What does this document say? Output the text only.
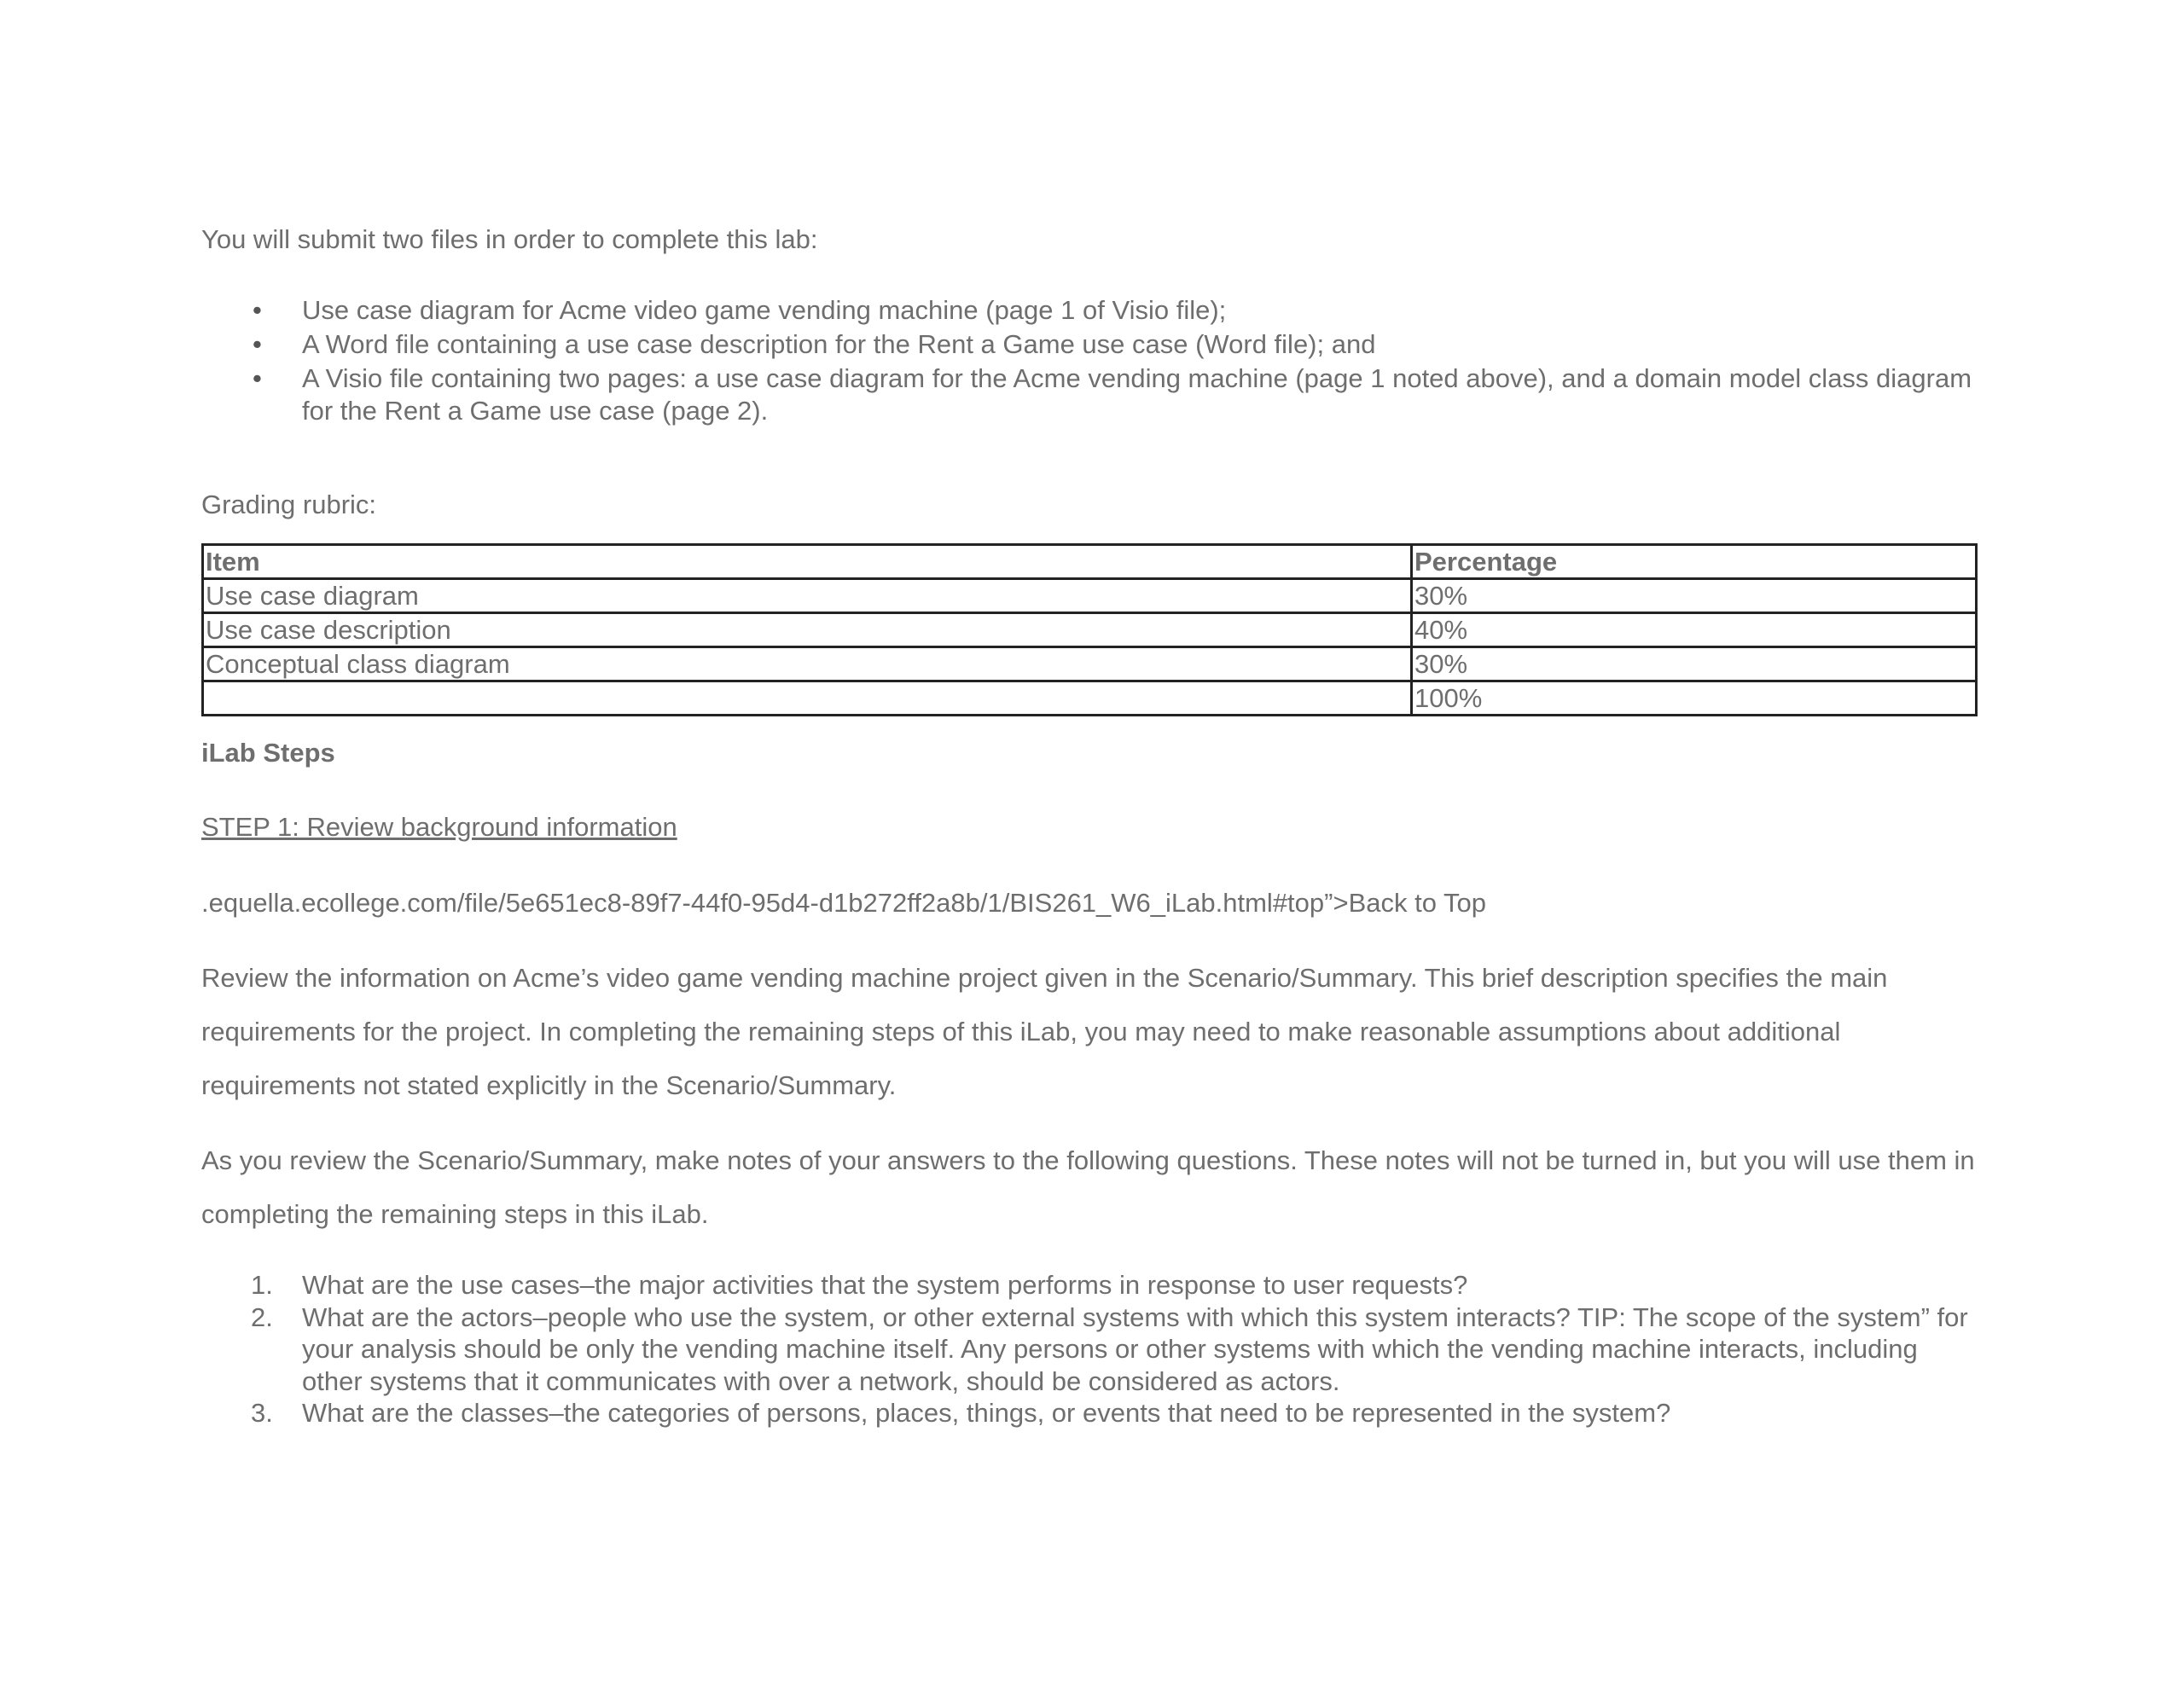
You will submit two files in order to complete this lab:

• Use case diagram for Acme video game vending machine (page 1 of Visio file);
• A Word file containing a use case description for the Rent a Game use case (Word file); and
• A Visio file containing two pages: a use case diagram for the Acme vending machine (page 1 noted above), and a domain model class diagram for the Rent a Game use case (page 2).

Grading rubric:

Item	Percentage
Use case diagram	30%
Use case description	40%
Conceptual class diagram	30%
	100%

iLab Steps

STEP 1: Review background information

.equella.ecollege.com/file/5e651ec8-89f7-44f0-95d4-d1b272ff2a8b/1/BIS261_W6_iLab.html#top”>Back to Top

Review the information on Acme’s video game vending machine project given in the Scenario/Summary. This brief description specifies the main requirements for the project. In completing the remaining steps of this iLab, you may need to make reasonable assumptions about additional requirements not stated explicitly in the Scenario/Summary.

As you review the Scenario/Summary, make notes of your answers to the following questions. These notes will not be turned in, but you will use them in completing the remaining steps in this iLab.

1. What are the use cases–the major activities that the system performs in response to user requests?
2. What are the actors–people who use the system, or other external systems with which this system interacts? TIP: The scope of the system” for your analysis should be only the vending machine itself. Any persons or other systems with which the vending machine interacts, including other systems that it communicates with over a network, should be considered as actors.
3. What are the classes–the categories of persons, places, things, or events that need to be represented in the system?
